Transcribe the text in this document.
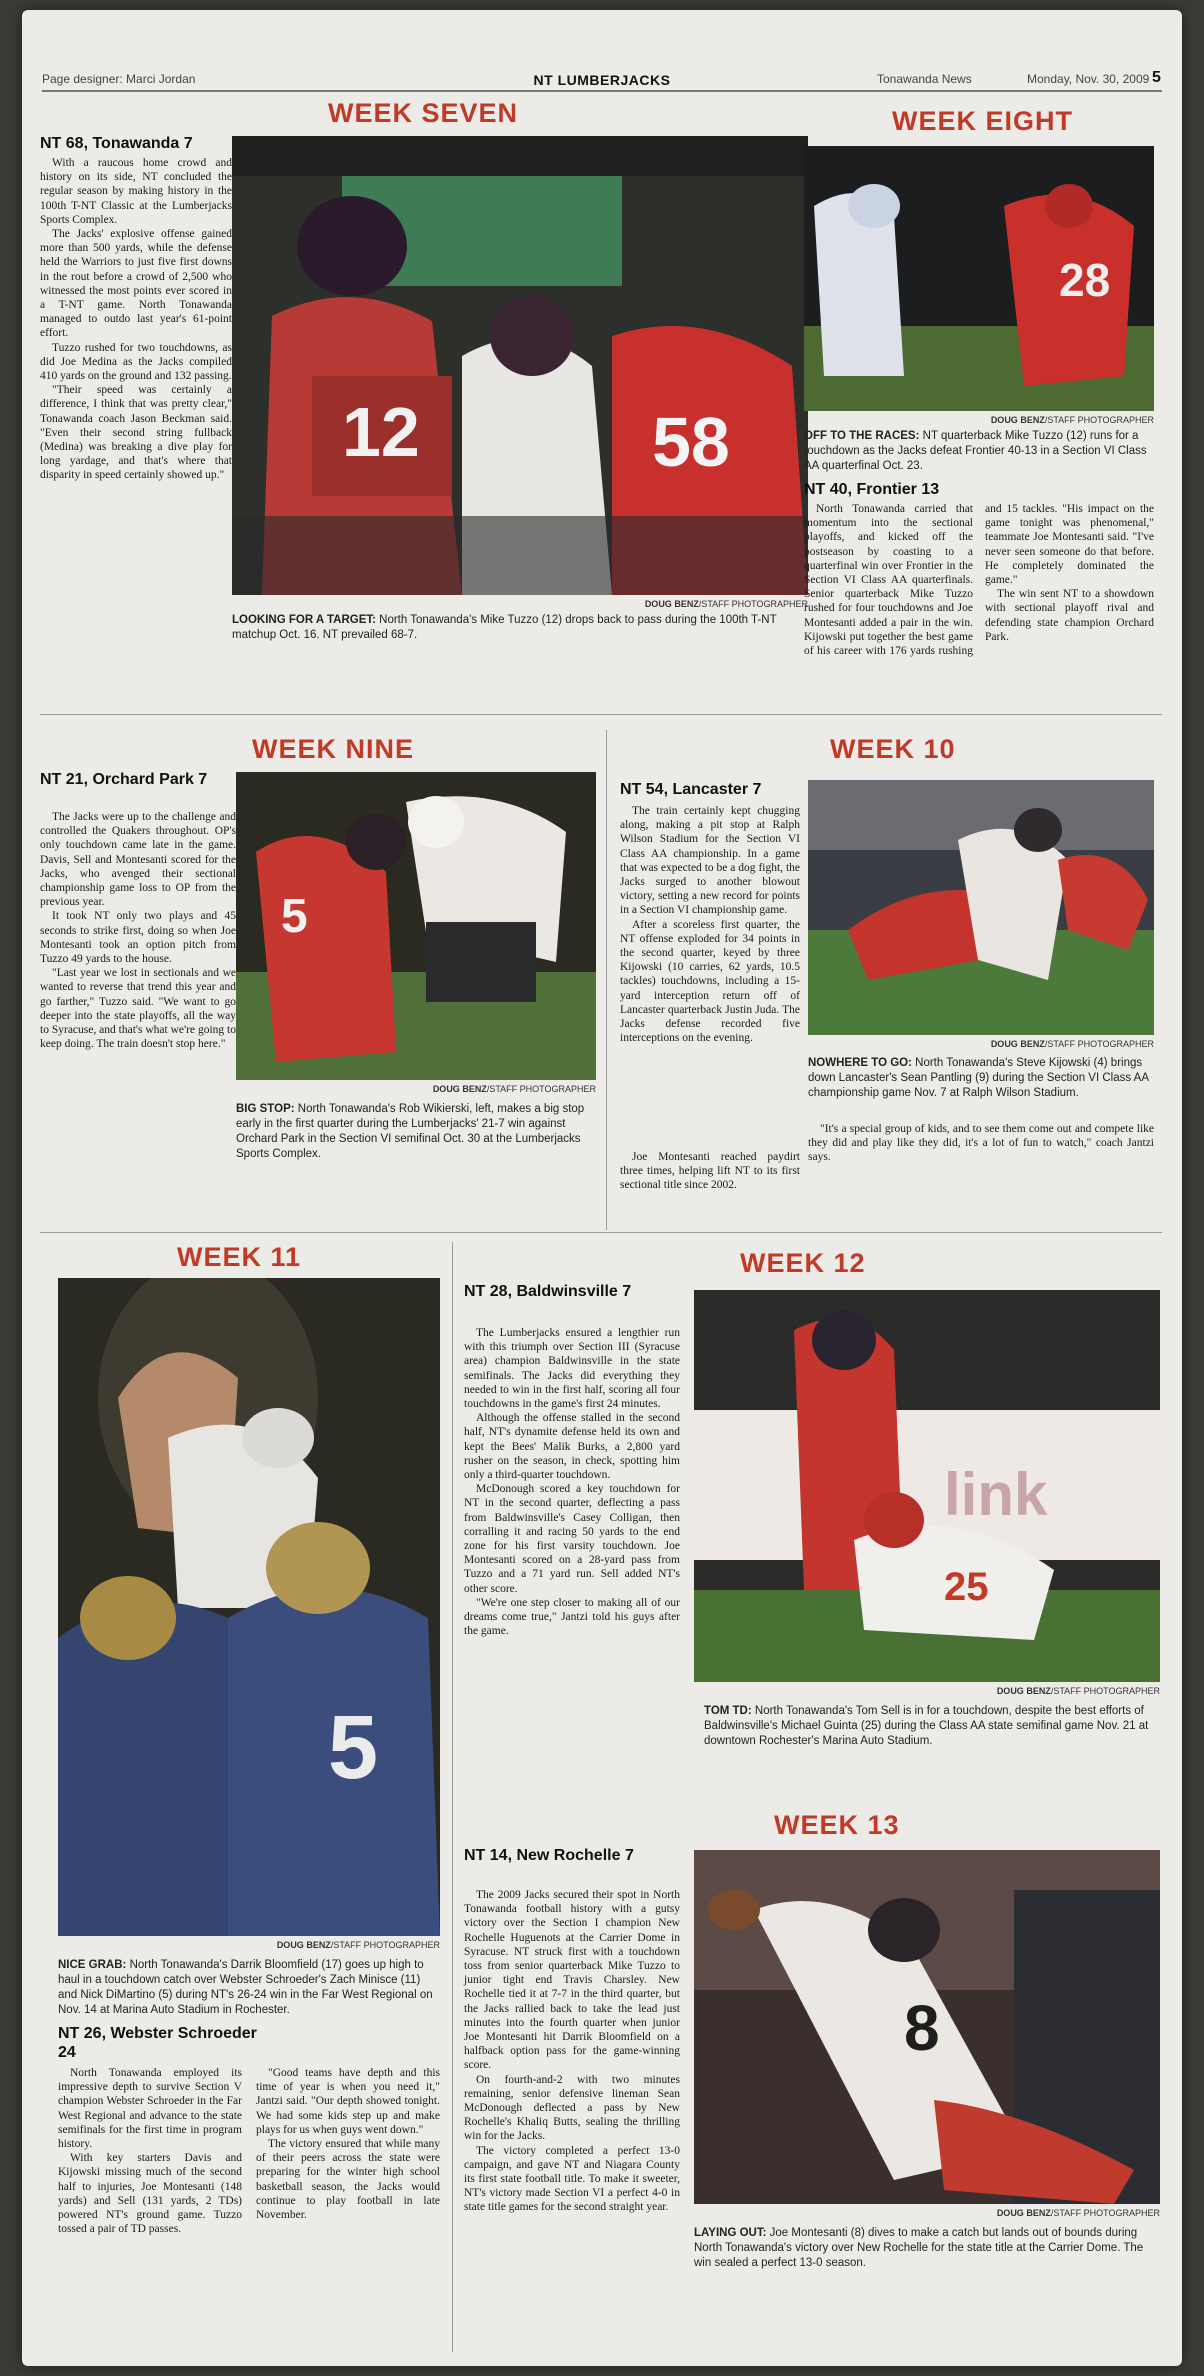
Page designer: Marci Jordan	NT LUMBERJACKS	Tonawanda News	Monday, Nov. 30, 2009 5
WEEK SEVEN
NT 68, Tonawanda 7

With a raucous home crowd and history on its side, NT concluded the regular season by making history in the 100th T-NT Classic at the Lumberjacks Sports Complex.

The Jacks' explosive offense gained more than 500 yards, while the defense held the Warriors to just five first downs in the rout before a crowd of 2,500 who witnessed the most points ever scored in a T-NT game. North Tonawanda managed to outdo last year's 61-point effort.

Tuzzo rushed for two touchdowns, as did Joe Medina as the Jacks compiled 410 yards on the ground and 132 passing.

"Their speed was certainly a difference, I think that was pretty clear," Tonawanda coach Jason Beckman said. "Even their second string fullback (Medina) was breaking a dive play for long yardage, and that's where that disparity in speed certainly showed up."

12	58
DOUG BENZ/STAFF PHOTOGRAPHER
LOOKING FOR A TARGET: North Tonawanda's Mike Tuzzo (12) drops back to pass during the 100th T-NT matchup Oct. 16. NT prevailed 68-7.
WEEK EIGHT
28
DOUG BENZ/STAFF PHOTOGRAPHER
OFF TO THE RACES: NT quarterback Mike Tuzzo (12) runs for a touchdown as the Jacks defeat Frontier 40-13 in a Section VI Class AA quarterfinal Oct. 23.
NT 40, Frontier 13

North Tonawanda carried that momentum into the sectional playoffs, and kicked off the postseason by coasting to a quarterfinal win over Frontier in the Section VI Class AA quarterfinals. Senior quarterback Mike Tuzzo rushed for four touchdowns and Joe Montesanti added a pair in the win. Kijowski put together the best game of his career with 176 yards rushing and 15 tackles. "His impact on the game tonight was phenomenal," teammate Joe Montesanti said. "I've never seen someone do that before. He completely dominated the game."

The win sent NT to a showdown with sectional playoff rival and defending state champion Orchard Park.

WEEK NINE
NT 21, Orchard Park 7

The Jacks were up to the challenge and controlled the Quakers throughout. OP's only touchdown came late in the game. Davis, Sell and Montesanti scored for the Jacks, who avenged their sectional championship game loss to OP from the previous year.

It took NT only two plays and 45 seconds to strike first, doing so when Joe Montesanti took an option pitch from Tuzzo 49 yards to the house.

"Last year we lost in sectionals and we wanted to reverse that trend this year and go farther," Tuzzo said. "We want to go deeper into the state playoffs, all the way to Syracuse, and that's what we're going to keep doing. The train doesn't stop here."

5
DOUG BENZ/STAFF PHOTOGRAPHER
BIG STOP: North Tonawanda's Rob Wikierski, left, makes a big stop early in the first quarter during the Lumberjacks' 21-7 win against Orchard Park in the Section VI semifinal Oct. 30 at the Lumberjacks Sports Complex.
WEEK 10
NT 54, Lancaster 7

The train certainly kept chugging along, making a pit stop at Ralph Wilson Stadium for the Section VI Class AA championship. In a game that was expected to be a dog fight, the Jacks surged to another blowout victory, setting a new record for points in a Section VI championship game.

After a scoreless first quarter, the NT offense exploded for 34 points in the second quarter, keyed by three Kijowski (10 carries, 62 yards, 10.5 tackles) touchdowns, including a 15-yard interception return off of Lancaster quarterback Justin Juda. The Jacks defense recorded five interceptions on the evening.	DOUG BENZ/STAFF PHOTOGRAPHER
NOWHERE TO GO: North Tonawanda's Steve Kijowski (4) brings down Lancaster's Sean Pantling (9) during the Section VI Class AA championship game Nov. 7 at Ralph Wilson Stadium.

Joe Montesanti reached paydirt three times, helping lift NT to its first sectional title since 2002.

"It's a special group of kids, and to see them come out and compete like they did and play like they did, it's a lot of fun to watch," coach Jantzi says.

WEEK 11
5
DOUG BENZ/STAFF PHOTOGRAPHER
NICE GRAB: North Tonawanda's Darrik Bloomfield (17) goes up high to haul in a touchdown catch over Webster Schroeder's Zach Minisce (11) and Nick DiMartino (5) during NT's 26-24 win in the Far West Regional on Nov. 14 at Marina Auto Stadium in Rochester.
NT 26, Webster Schroeder 24

North Tonawanda employed its impressive depth to survive Section V champion Webster Schroeder in the Far West Regional and advance to the state semifinals for the first time in program history.

With key starters Davis and Kijowski missing much of the second half to injuries, Joe Montesanti (148 yards) and Sell (131 yards, 2 TDs) powered NT's ground game. Tuzzo tossed a pair of TD passes.

"Good teams have depth and this time of year is when you need it," Jantzi said. "Our depth showed tonight. We had some kids step up and make plays for us when guys went down."

The victory ensured that while many of their peers across the state were preparing for the winter high school basketball season, the Jacks would continue to play football in late November.

NT 28, Baldwinsville 7

The Lumberjacks ensured a lengthier run with this triumph over Section III (Syracuse area) champion Baldwinsville in the state semifinals. The Jacks did everything they needed to win in the first half, scoring all four touchdowns in the game's first 24 minutes.

Although the offense stalled in the second half, NT's dynamite defense held its own and kept the Bees' Malik Burks, a 2,800 yard rusher on the season, in check, spotting him only a third-quarter touchdown.

McDonough scored a key touchdown for NT in the second quarter, deflecting a pass from Baldwinsville's Casey Colligan, then corralling it and racing 50 yards to the end zone for his first varsity touchdown. Joe Montesanti scored on a 28-yard pass from Tuzzo and a 71 yard run. Sell added NT's other score.

"We're one step closer to making all of our dreams come true," Jantzi told his guys after the game.

WEEK 12
link
25
DOUG BENZ/STAFF PHOTOGRAPHER
TOM TD: North Tonawanda's Tom Sell is in for a touchdown, despite the best efforts of Baldwinsville's Michael Guinta (25) during the Class AA state semifinal game Nov. 21 at downtown Rochester's Marina Auto Stadium.
WEEK 13
NT 14, New Rochelle 7

The 2009 Jacks secured their spot in North Tonawanda football history with a gutsy victory over the Section I champion New Rochelle Huguenots at the Carrier Dome in Syracuse. NT struck first with a touchdown toss from senior quarterback Mike Tuzzo to junior tight end Travis Charsley. New Rochelle tied it at 7-7 in the third quarter, but the Jacks rallied back to take the lead just minutes into the fourth quarter when junior Joe Montesanti hit Darrik Bloomfield on a halfback option pass for the game-winning score.

On fourth-and-2 with two minutes remaining, senior defensive lineman Sean McDonough deflected a pass by New Rochelle's Khaliq Butts, sealing the thrilling win for the Jacks.

The victory completed a perfect 13-0 campaign, and gave NT and Niagara County its first state football title. To make it sweeter, NT's victory made Section VI a perfect 4-0 in state title games for the second straight year.

8
DOUG BENZ/STAFF PHOTOGRAPHER
LAYING OUT: Joe Montesanti (8) dives to make a catch but lands out of bounds during North Tonawanda's victory over New Rochelle for the state title at the Carrier Dome. The win sealed a perfect 13-0 season.
